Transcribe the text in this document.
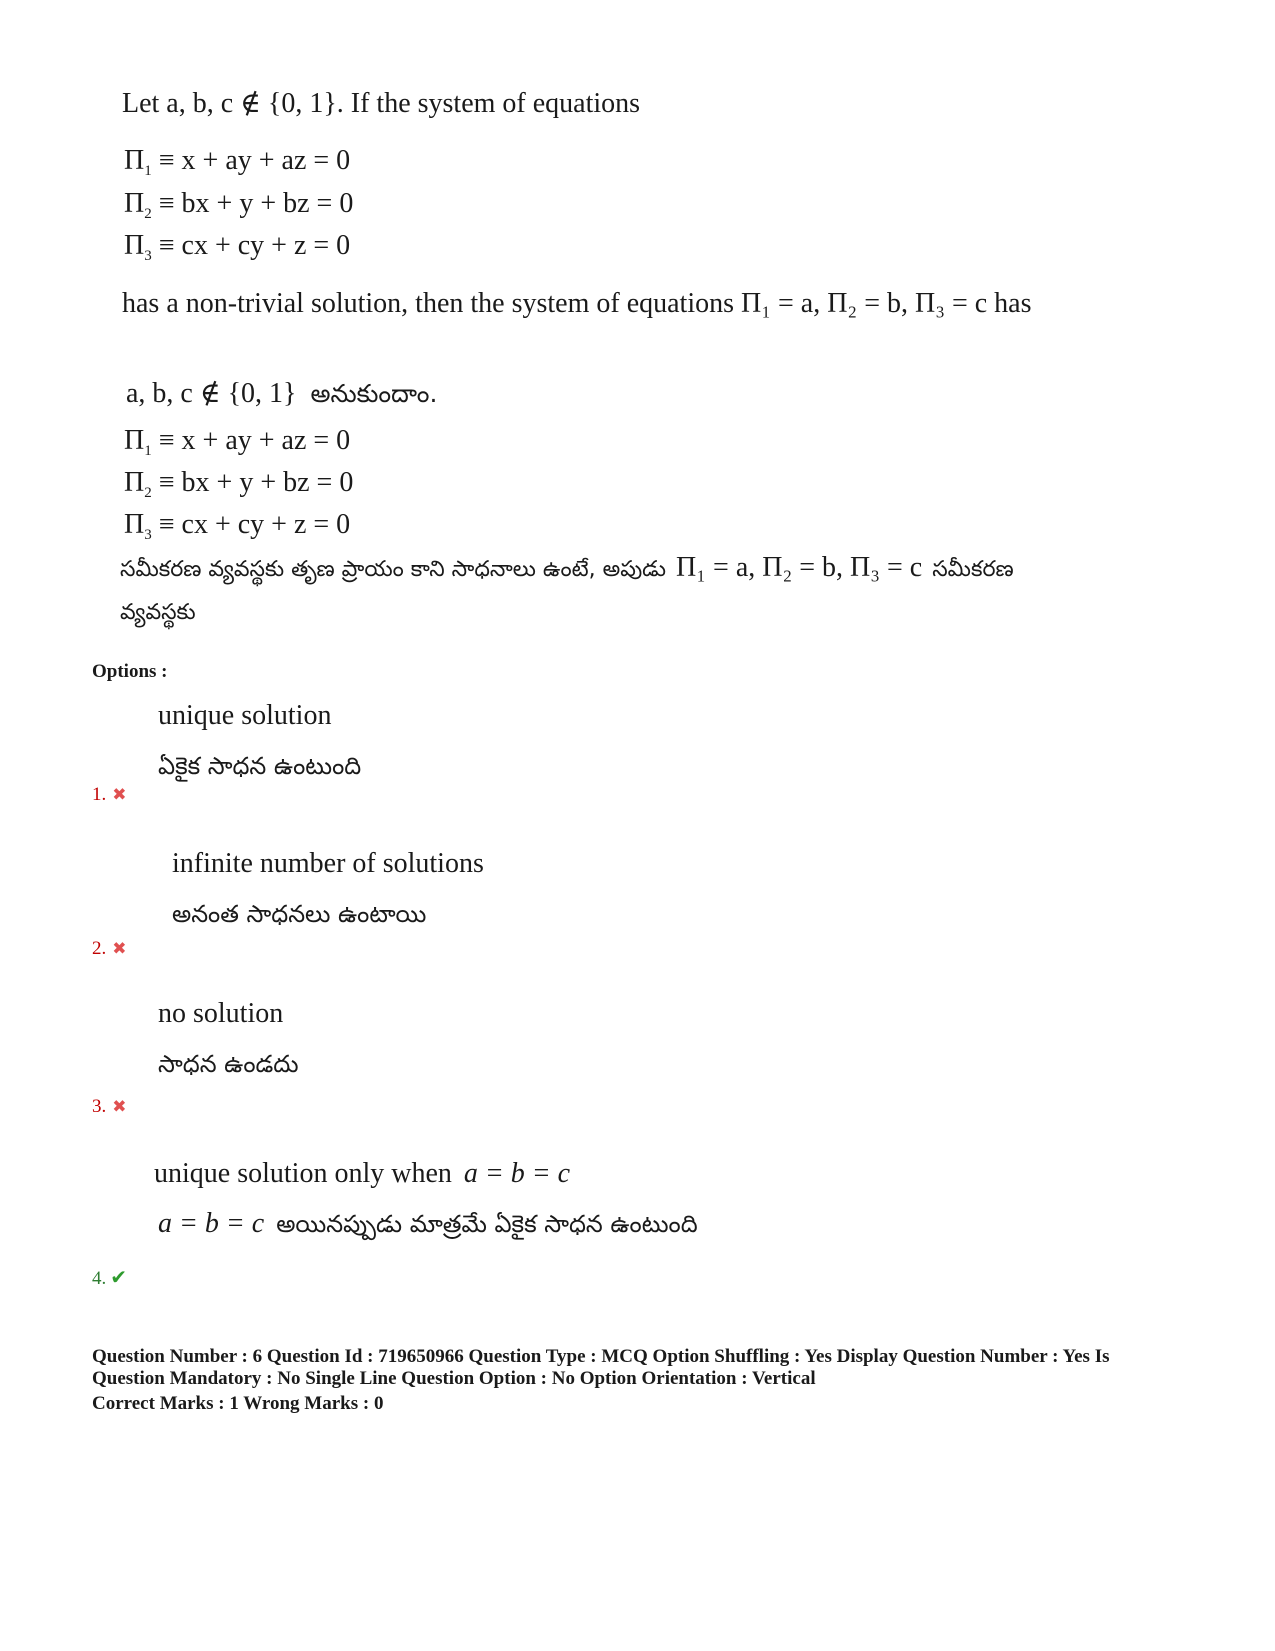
Let a, b, c ∉ {0, 1}. If the system of equations
$\Pi_1 \equiv x$ + ay + az = 0
$\Pi_2$ ≡ bx + y + bz = 0
$\Pi_3$ ≡ cx + cy + z = 0
has a non-trivial solution, then the system of equations Π₁ = a, Π₂ = b, Π₃ = c has
a, b, c ∉ {0, 1} అనుకుందాం.
$\Pi_1 \equiv x$ + ay + az = 0
$\Pi_2$ ≡ bx + y + bz = 0
$\Pi_3$ ≡ cx + cy + z = 0
సమీకరణ వ్యవస్థకు తృణ ప్రాయం కాని సాధనాలు ఉంటే, అపుడు Π₁ = a, Π₂ = b, Π₃ = c సమీకరణ
వ్యవస్థకు
Options :
unique solution
ఏకైక సాధన ఉంటుంది
1. ✖
infinite number of solutions
అనంత సాధనలు ఉంటాయి
2. ✖
no solution
సాధన ఉండదు
3. ✖
unique solution only when a = b = c
a = b = c అయినప్పుడు మాత్రమే ఏకైక సాధన ఉంటుంది
4. ✔
Question Number : 6 Question Id : 719650966 Question Type : MCQ Option Shuffling : Yes Display Question Number : Yes Is
Question Mandatory : No Single Line Question Option : No Option Orientation : Vertical
Correct Marks : 1 Wrong Marks : 0
